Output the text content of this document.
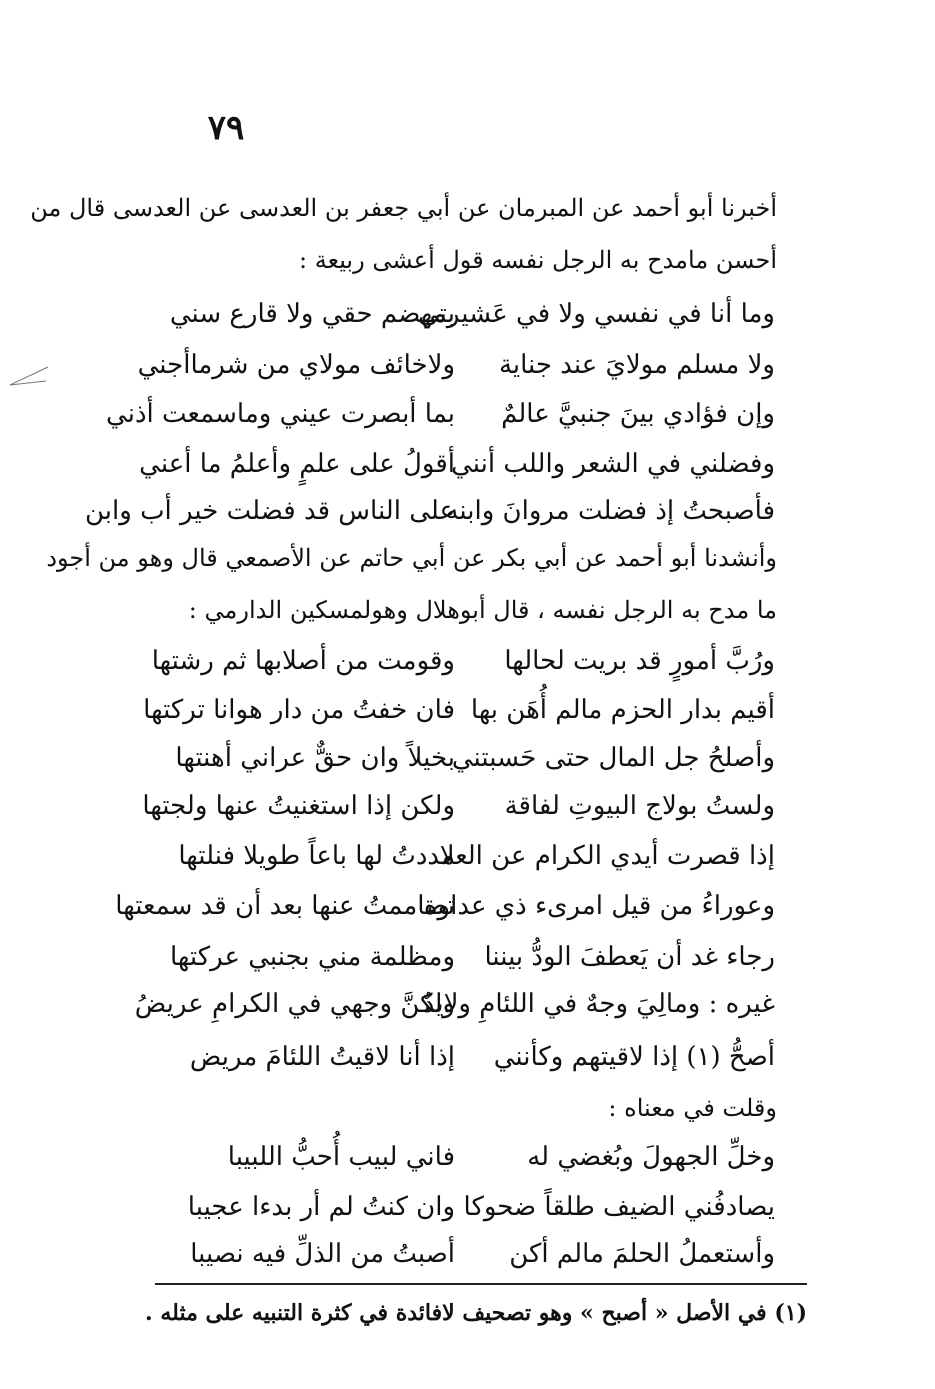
٧٩
أخبرنا أبو أحمد عن المبرمان عن أبي جعفر بن العدسى عن العدسى قال من
أحسن مامدح به الرجل نفسه قول أعشى ربيعة :
وما أنا في نفسي ولا في عَشيرتي
بمهضم حقي ولا قارع سني
ولا مسلم مولايَ عند جناية
ولاخائف مولاي من شرماأجني
وإن فؤادي بينَ جنبيَّ عالمٌ
بما أبصرت عيني وماسمعت أذني
وفضلني في الشعر واللب أنني
أقولُ على علمٍ وأعلمُ ما أعني
فأصبحتُ إذ فضلت مروانَ وابنه
على الناس قد فضلت خير أب وابن
وأنشدنا أبو أحمد عن أبي بكر عن أبي حاتم عن الأصمعي قال وهو من أجود
ما مدح به الرجل نفسه ، قال أبوهلال وهولمسكين الدارمي :
ورُبَّ أمورٍ قد بريت لحالها
وقومت من أصلابها ثم رشتها
أقيم بدار الحزم مالم أُهَن بها
فان خفتُ من دار هوانا تركتها
وأصلحُ جل المال حتى حَسبتني
بخيلاً وان حقٌّ عراني أهنتها
ولستُ بولاج البيوتِ لفاقة
ولكن إذا استغنيتُ عنها ولجتها
إذا قصرت أيدي الكرام عن العلا
مددتُ لها باعاً طويلا فنلتها
وعوراءُ من قيل امرىء ذي عداوة
تصاممتُ عنها بعد أن قد سمعتها
رجاء غد أن يَعطفَ الودُّ بيننا
ومظلمة مني بجنبي عركتها
غيره : ومالِيَ وجهٌ في اللئامِ ولايدٌ
ولكنَّ وجهي في الكرامِ عريضُ
أصحُّ (١) إذا لاقيتهم وكأنني
إذا أنا لاقيتُ اللئامَ مريض
وقلت في معناه :
وخلِّ الجهولَ وبُغضي له
فاني لبيب أُحبُّ اللبيبا
يصادفُني الضيف طلقاً ضحوكا
وان كنتُ لم أر بدءا عجيبا
وأستعملُ الحلمَ مالم أكن
أصبتُ من الذلِّ فيه نصيبا
(١) في الأصل « أصبح » وهو تصحيف لافائدة في كثرة التنبيه على مثله .
